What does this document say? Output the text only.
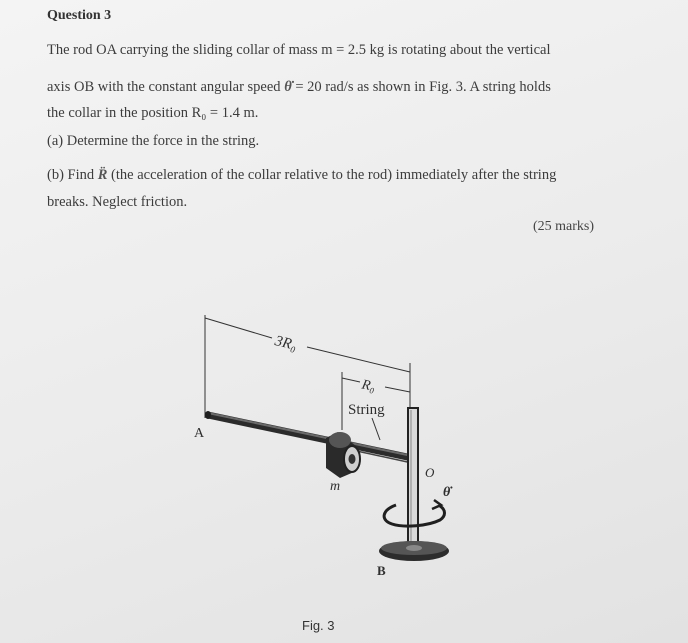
Question 3
The rod OA carrying the sliding collar of mass m = 2.5 kg is rotating about the vertical
axis OB with the constant angular speed θ̇ = 20 rad/s as shown in Fig. 3. A string holds
the collar in the position R₀ = 1.4 m.
(a) Determine the force in the string.
(b) Find R̈ (the acceleration of the collar relative to the rod) immediately after the string
breaks. Neglect friction.
(25 marks)
3R₀
R₀
String
A
m
O
θ̇
B
Fig. 3
